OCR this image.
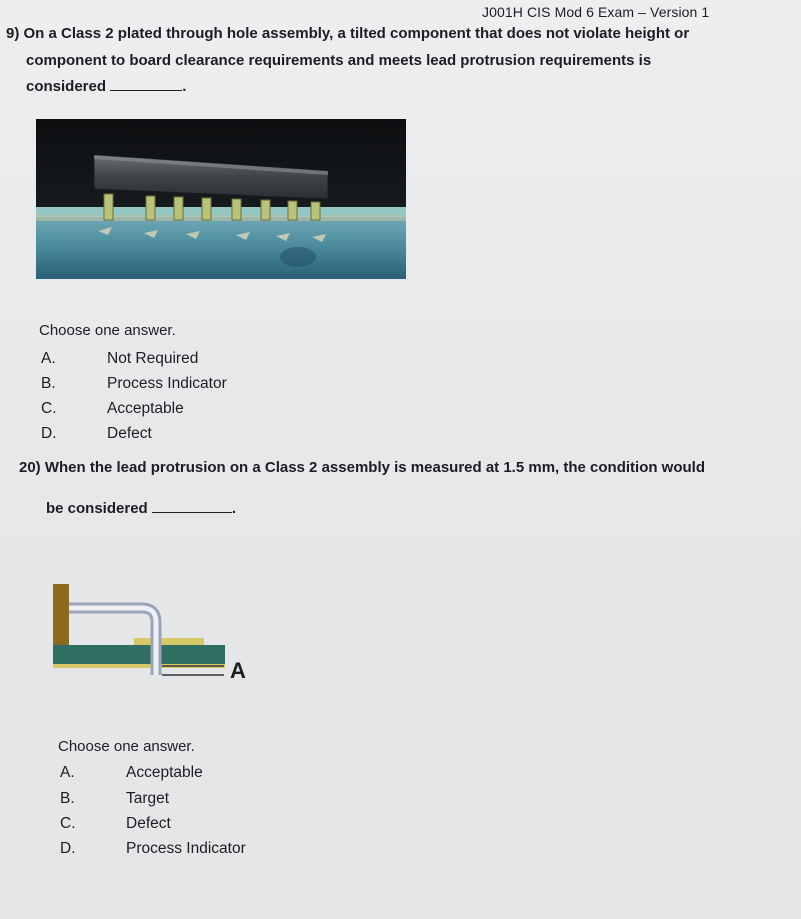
J001H CIS Mod 6 Exam – Version 1
9) On a Class 2 plated through hole assembly, a tilted component that does not violate height or
component to board clearance requirements and meets lead protrusion requirements is
considered	.
Choose one answer.
A.	Not Required
B.	Process Indicator
C.	Acceptable
D.	Defect
20) When the lead protrusion on a Class 2 assembly is measured at 1.5 mm, the condition would
be considered	.
A
Choose one answer.
A.	Acceptable
B.	Target
C.	Defect
D.	Process Indicator
